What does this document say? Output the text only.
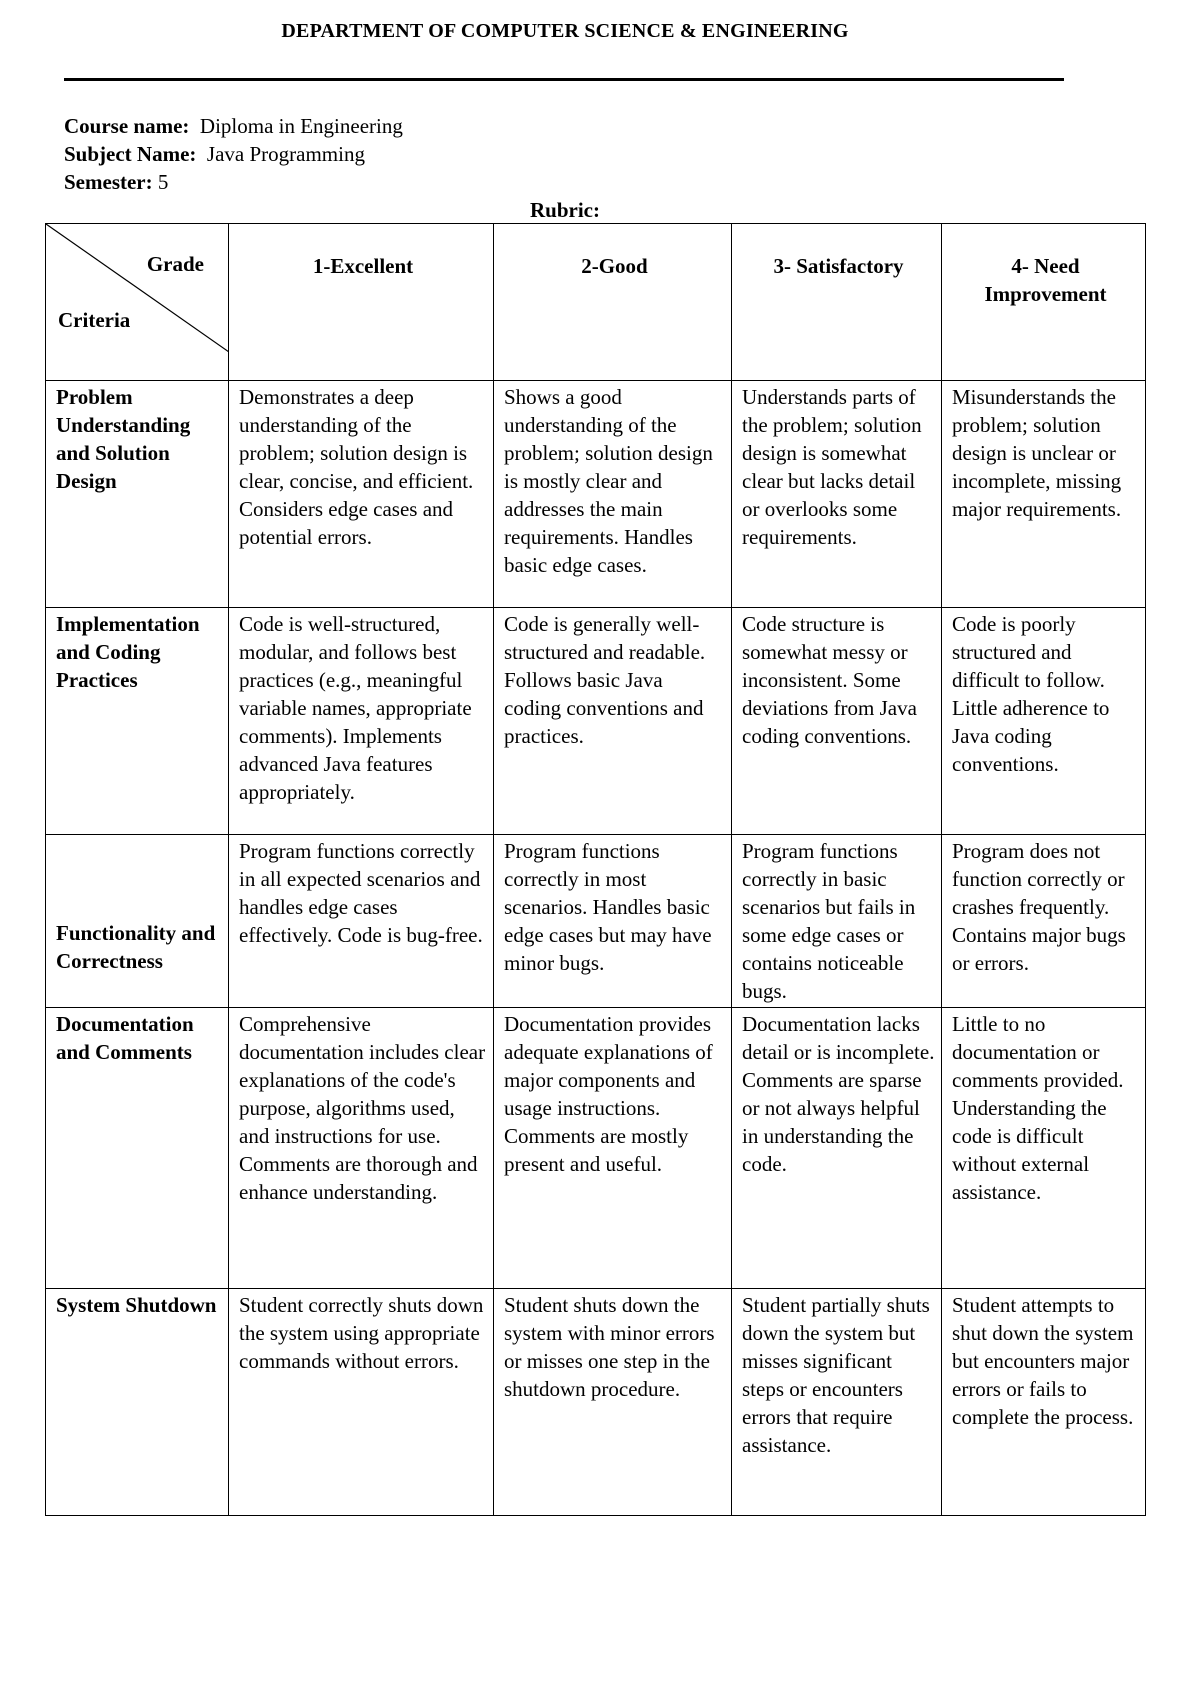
DEPARTMENT OF COMPUTER SCIENCE & ENGINEERING
Course name: Diploma in Engineering
Subject Name: Java Programming
Semester: 5
Rubric:
Grade
Criteria	1-Excellent	2-Good	3- Satisfactory	4- Need Improvement
Problem Understanding and Solution Design	Demonstrates a deep understanding of the problem; solution design is clear, concise, and efficient. Considers edge cases and potential errors.	Shows a good understanding of the problem; solution design is mostly clear and addresses the main requirements. Handles basic edge cases.	Understands parts of the problem; solution design is somewhat clear but lacks detail or overlooks some requirements.	Misunderstands the problem; solution design is unclear or incomplete, missing major requirements.
Implementation and Coding Practices	Code is well-structured, modular, and follows best practices (e.g., meaningful variable names, appropriate comments). Implements advanced Java features appropriately.	Code is generally well-structured and readable. Follows basic Java coding conventions and practices.	Code structure is somewhat messy or inconsistent. Some deviations from Java coding conventions.	Code is poorly structured and difficult to follow. Little adherence to Java coding conventions.

Functionality and Correctness	Program functions correctly in all expected scenarios and handles edge cases effectively. Code is bug-free.	Program functions correctly in most scenarios. Handles basic edge cases but may have minor bugs.	Program functions correctly in basic scenarios but fails in some edge cases or contains noticeable bugs.	Program does not function correctly or crashes frequently. Contains major bugs or errors.
Documentation and Comments	Comprehensive documentation includes clear explanations of the code's purpose, algorithms used, and instructions for use. Comments are thorough and enhance understanding.	Documentation provides adequate explanations of major components and usage instructions. Comments are mostly present and useful.	Documentation lacks detail or is incomplete. Comments are sparse or not always helpful in understanding the code.	Little to no documentation or comments provided. Understanding the code is difficult without external assistance.
System Shutdown	Student correctly shuts down the system using appropriate commands without errors.	Student shuts down the system with minor errors or misses one step in the shutdown procedure.	Student partially shuts down the system but misses significant steps or encounters errors that require assistance.	Student attempts to shut down the system but encounters major errors or fails to complete the process.
